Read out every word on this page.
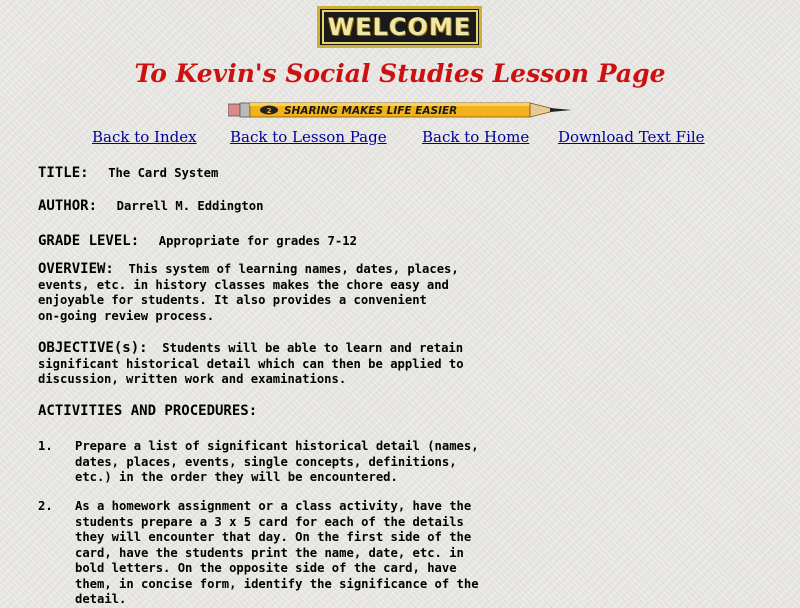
WELCOME
To Kevin's Social Studies Lesson Page
2 SHARING MAKES LIFE EASIER
Back to Index Back to Lesson Page Back to Home Download Text File
TITLE: The Card System
AUTHOR: Darrell M. Eddington
GRADE LEVEL: Appropriate for grades 7-12
OVERVIEW: This system of learning names, dates, places,
events, etc. in history classes makes the chore easy and
enjoyable for students. It also provides a convenient
on-going review process.
OBJECTIVE(s): Students will be able to learn and retain
significant historical detail which can then be applied to
discussion, written work and examinations.
ACTIVITIES AND PROCEDURES:
1. Prepare a list of significant historical detail (names,
dates, places, events, single concepts, definitions,
etc.) in the order they will be encountered.
2. As a homework assignment or a class activity, have the
students prepare a 3 x 5 card for each of the details
they will encounter that day. On the first side of the
card, have the students print the name, date, etc. in
bold letters. On the opposite side of the card, have
them, in concise form, identify the significance of the
detail.
